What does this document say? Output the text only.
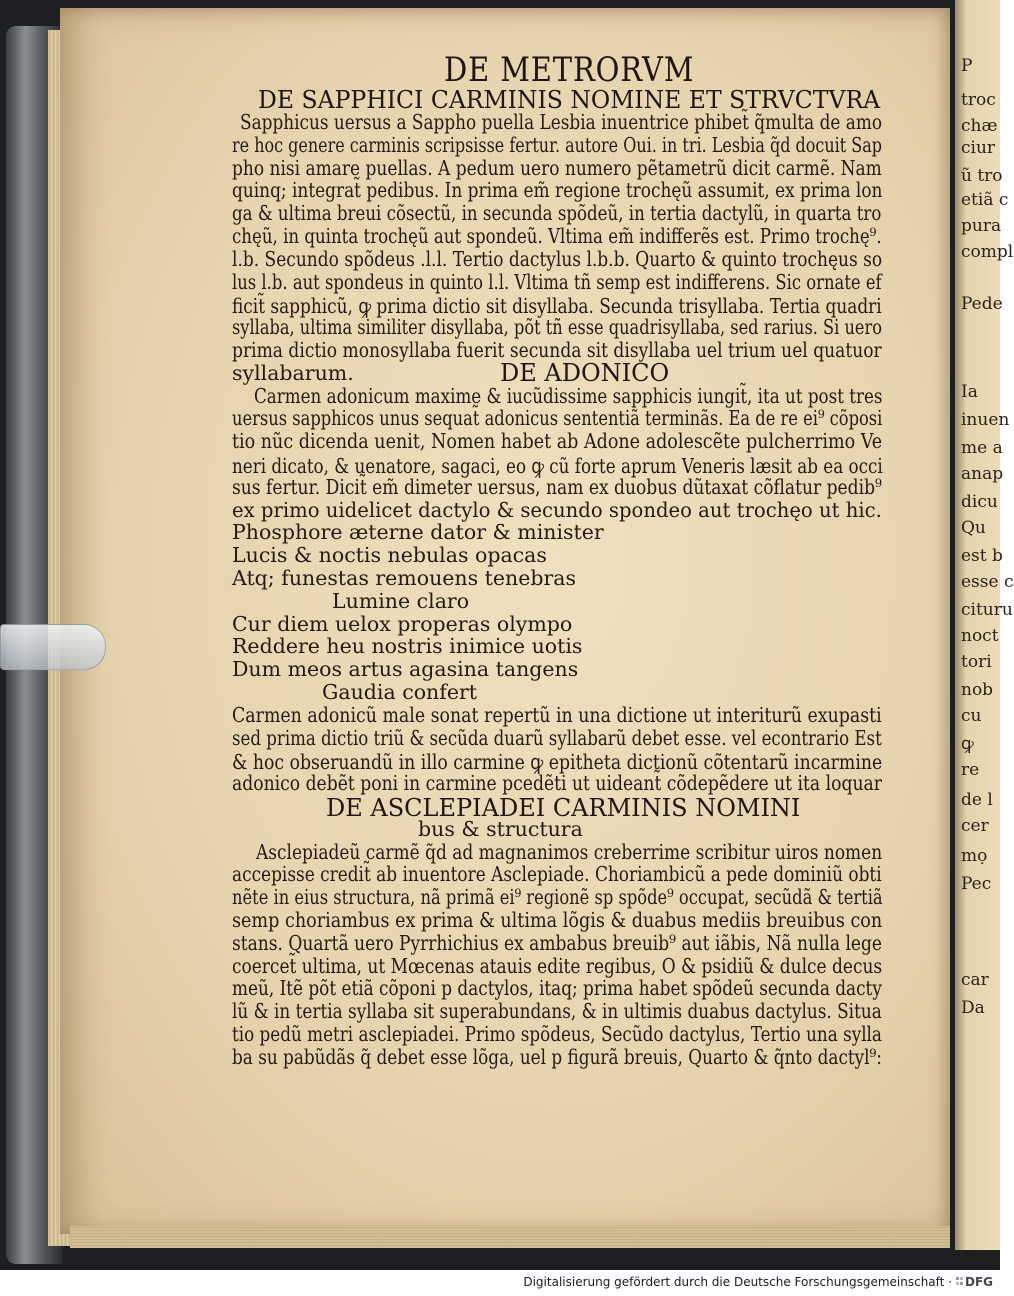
P
troc
chæ
ciur
ũ tro
etiã c
pura
compl
Pede
Ia
inuen
me a
anap
dicu
Qu
est b
esse c
cituru
noct
tori
nob
cu
ꝙ
re
de l
cer
mọ
Pec
car
Da
DE METRORVM
DE SAPPHICI CARMINIS NOMINE ET STRVCTVRA
Sapphicus uersus a Sappho puella Lesbia inuentrice phibet̃ q̃multa de amo
re hoc genere carminis scripsisse fertur. autore Oui. in tri. Lesbia q̃d docuit Sap
pho nisi amare puellas. A pedum uero numero pẽtametrũ dicit carmẽ. Nam
quinq; integrat̃ pedibus. In prima em̃ regione trochęũ assumit, ex prima lon
ga & ultima breui cõsectũ, in secunda spõdeũ, in tertia dactylũ, in quarta tro
chęũ, in quinta trochęũ aut spondeũ. Vltima em̃ indifferẽs est. Primo trochę⁹.
l.b. Secundo spõdeus .l.l. Tertio dactylus l.b.b. Quarto & quinto trochęus so
lus l.b. aut spondeus in quinto l.l. Vltima tñ semp est indifferens. Sic ornate ef
ficit̃ sapphicũ, ꝙ prima dictio sit disyllaba. Secunda trisyllaba. Tertia quadri
syllaba, ultima similiter disyllaba, põt tñ esse quadrisyllaba, sed rarius. Si uero
prima dictio monosyllaba fuerit secunda sit disyllaba uel trium uel quatuor
syllabarum.	DE ADONICO
Carmen adonicum maxime & iucũdissime sapphicis iungit̃, ita ut post tres
uersus sapphicos unus sequat̃ adonicus sententiã terminãs. Ea de re ei⁹ cõposi
tio nũc dicenda uenit, Nomen habet ab Adone adolescẽte pulcherrimo Ve
neri dicato, & uenatore, sagaci, eo ꝙ cũ forte aprum Veneris læsit ab ea occi
sus fertur. Dicit̃ em̃ dimeter uersus, nam ex duobus dũtaxat cõflatur pedib⁹
ex primo uidelicet dactylo & secundo spondeo aut trochęo ut hic.
Phosphore æterne dator & minister
Lucis & noctis nebulas opacas
Atq; funestas remouens tenebras
Lumine claro
Cur diem uelox properas olympo
Reddere heu nostris inimice uotis
Dum meos artus agasina tangens
Gaudia confert
Carmen adonicũ male sonat repertũ in una dictione ut interiturũ exupasti
sed prima dictio triũ & secũda duarũ syllabarũ debet esse. vel econtrario Est
& hoc obseruandũ in illo carmine ꝙ epitheta dictionũ cõtentarũ incarmine
adonico debẽt poni in carmine pcedẽti ut uideant̃ cõdepẽdere ut ita loquar
DE ASCLEPIADEI CARMINIS NOMINI
bus & structura
Asclepiadeũ carmẽ q̃d ad magnanimos creberrime scribitur uiros nomen
accepisse credit̃ ab inuentore Asclepiade. Choriambicũ a pede dominiũ obti
nẽte in eius structura, nã primã ei⁹ regionẽ sp spõde⁹ occupat, secũdã & tertiã
semp choriambus ex prima & ultima lõgis & duabus mediis breuibus con
stans. Quartã uero Pyrrhichius ex ambabus breuib⁹ aut iãbis, Nã nulla lege
coercet̃ ultima, ut Mœcenas atauis edite regibus, O & psidiũ & dulce decus
meũ, Itẽ põt etiã cõponi p dactylos, itaq; prima habet spõdeũ secunda dacty
lũ & in tertia syllaba sit superabundans, & in ultimis duabus dactylus. Situa
tio pedũ metri asclepiadei. Primo spõdeus, Secũdo dactylus, Tertio una sylla
ba su pabũdãs q̃ debet esse lõga, uel p figurã breuis, Quarto & q̃nto dactyl⁹:
Digitalisierung gefördert durch die Deutsche Forschungsgemeinschaft · DFG
